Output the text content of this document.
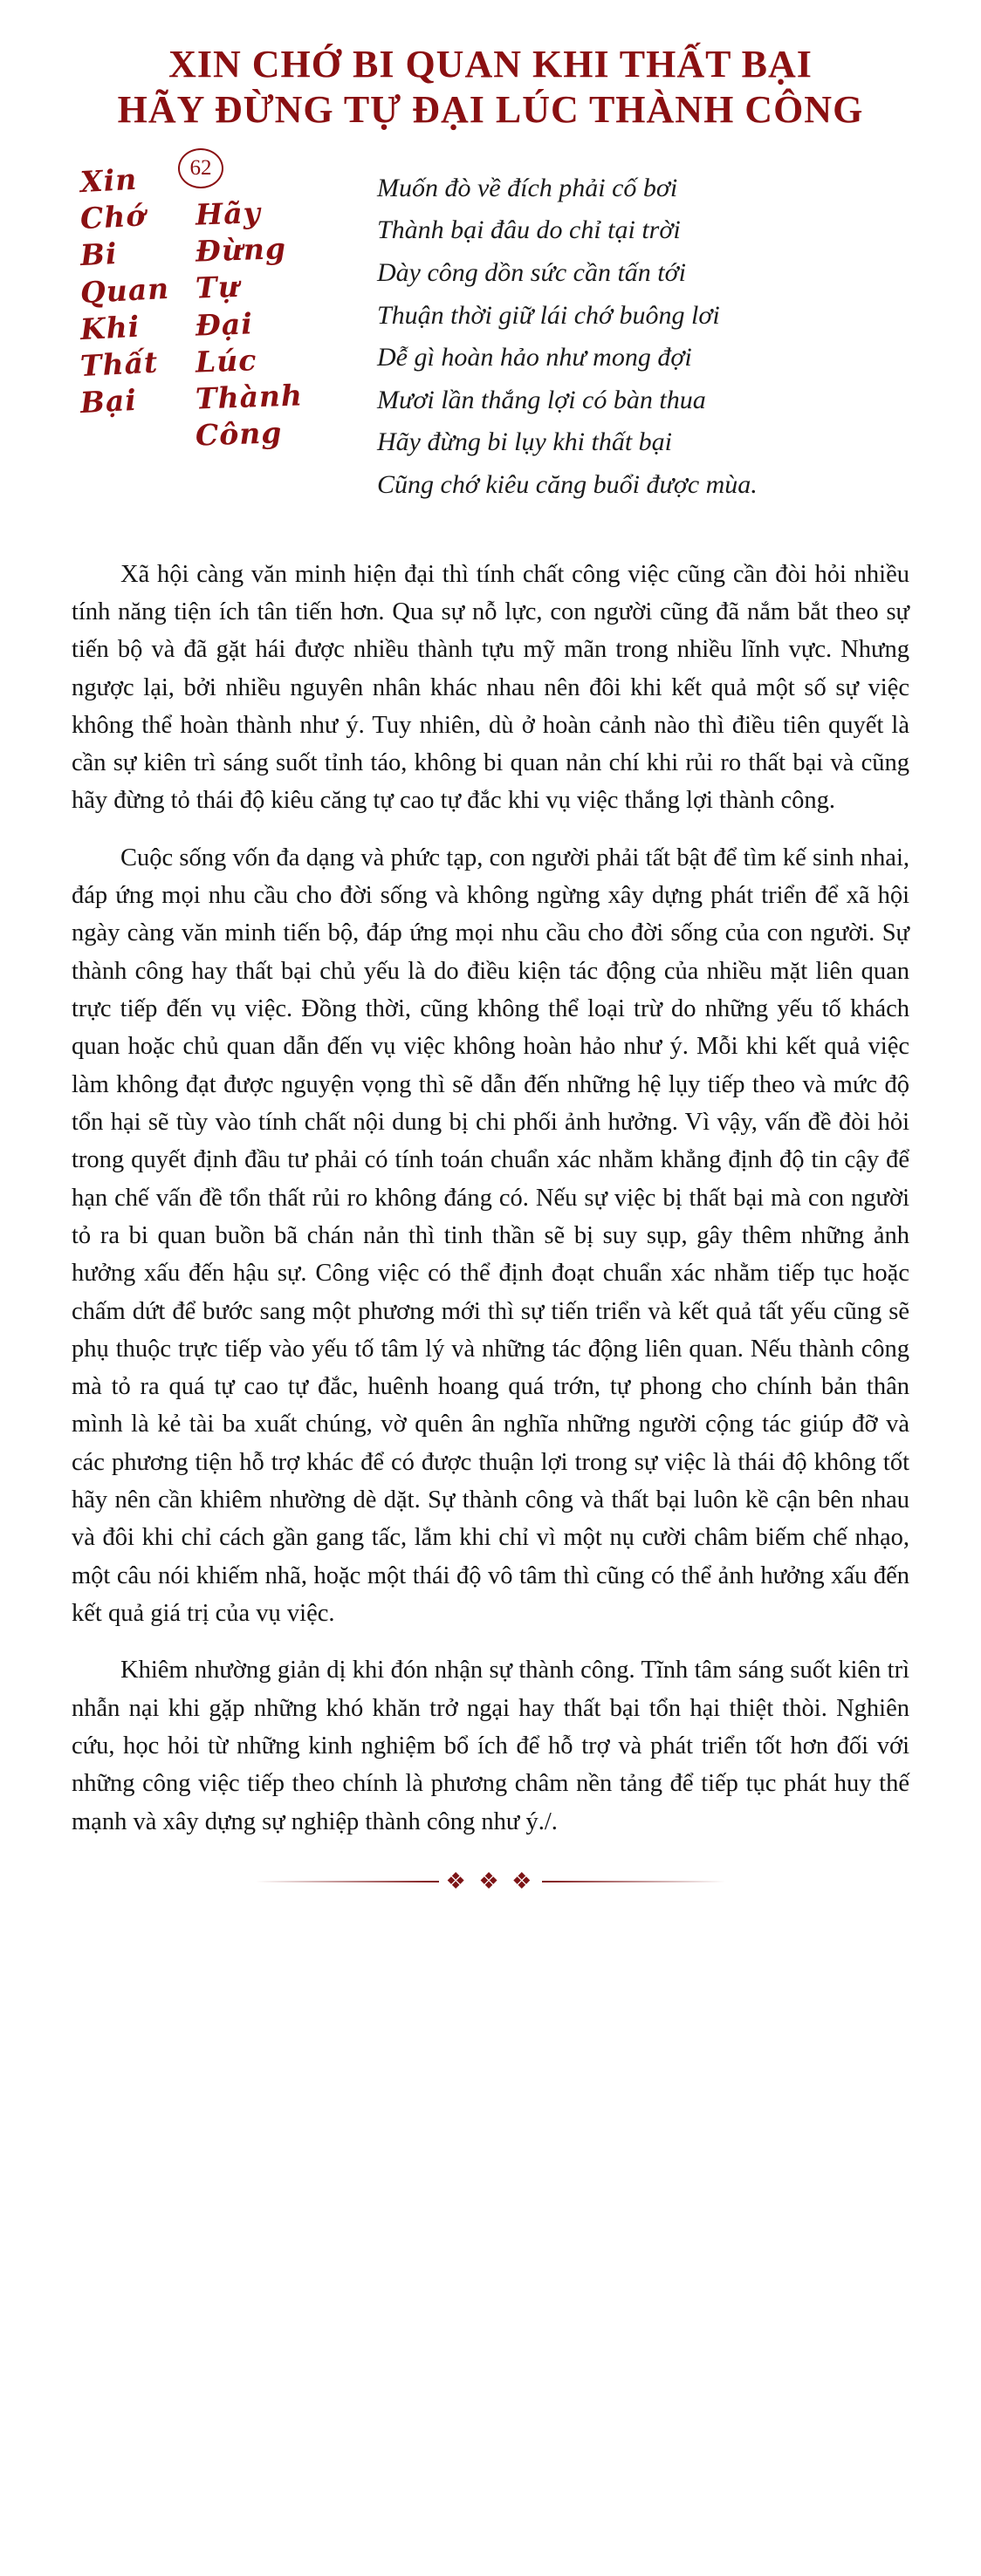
XIN CHỚ BI QUAN KHI THẤT BẠI
HÃY ĐỪNG TỰ ĐẠI LÚC THÀNH CÔNG
62
Xin
Chớ
Bi
Quan
Khi
Thất
Bại
Hãy
Đừng
Tự
Đại
Lúc
Thành
Công
Muốn đò về đích phải cố bơi
Thành bại đâu do chỉ tại trời
Dày công dồn sức cần tấn tới
Thuận thời giữ lái chớ buông lơi
Dễ gì hoàn hảo như mong đợi
Mươi lần thắng lợi có bàn thua
Hãy đừng bi lụy khi thất bại
Cũng chớ kiêu căng buổi được mùa.

Xã hội càng văn minh hiện đại thì tính chất công việc cũng cần đòi hỏi nhiều tính năng tiện ích tân tiến hơn. Qua sự nỗ lực, con người cũng đã nắm bắt theo sự tiến bộ và đã gặt hái được nhiều thành tựu mỹ mãn trong nhiều lĩnh vực. Nhưng ngược lại, bởi nhiều nguyên nhân khác nhau nên đôi khi kết quả một số sự việc không thể hoàn thành như ý. Tuy nhiên, dù ở hoàn cảnh nào thì điều tiên quyết là cần sự kiên trì sáng suốt tỉnh táo, không bi quan nản chí khi rủi ro thất bại và cũng hãy đừng tỏ thái độ kiêu căng tự cao tự đắc khi vụ việc thắng lợi thành công.

Cuộc sống vốn đa dạng và phức tạp, con người phải tất bật để tìm kế sinh nhai, đáp ứng mọi nhu cầu cho đời sống và không ngừng xây dựng phát triển để xã hội ngày càng văn minh tiến bộ, đáp ứng mọi nhu cầu cho đời sống của con người. Sự thành công hay thất bại chủ yếu là do điều kiện tác động của nhiều mặt liên quan trực tiếp đến vụ việc. Đồng thời, cũng không thể loại trừ do những yếu tố khách quan hoặc chủ quan dẫn đến vụ việc không hoàn hảo như ý. Mỗi khi kết quả việc làm không đạt được nguyện vọng thì sẽ dẫn đến những hệ lụy tiếp theo và mức độ tổn hại sẽ tùy vào tính chất nội dung bị chi phối ảnh hưởng. Vì vậy, vấn đề đòi hỏi trong quyết định đầu tư phải có tính toán chuẩn xác nhằm khẳng định độ tin cậy để hạn chế vấn đề tổn thất rủi ro không đáng có. Nếu sự việc bị thất bại mà con người tỏ ra bi quan buồn bã chán nản thì tinh thần sẽ bị suy sụp, gây thêm những ảnh hưởng xấu đến hậu sự. Công việc có thể định đoạt chuẩn xác nhằm tiếp tục hoặc chấm dứt để bước sang một phương mới thì sự tiến triển và kết quả tất yếu cũng sẽ phụ thuộc trực tiếp vào yếu tố tâm lý và những tác động liên quan. Nếu thành công mà tỏ ra quá tự cao tự đắc, huênh hoang quá trớn, tự phong cho chính bản thân mình là kẻ tài ba xuất chúng, vờ quên ân nghĩa những người cộng tác giúp đỡ và các phương tiện hỗ trợ khác để có được thuận lợi trong sự việc là thái độ không tốt hãy nên cần khiêm nhường dè dặt. Sự thành công và thất bại luôn kề cận bên nhau và đôi khi chỉ cách gần gang tấc, lắm khi chỉ vì một nụ cười châm biếm chế nhạo, một câu nói khiếm nhã, hoặc một thái độ vô tâm thì cũng có thể ảnh hưởng xấu đến kết quả giá trị của vụ việc.

Khiêm nhường giản dị khi đón nhận sự thành công. Tĩnh tâm sáng suốt kiên trì nhẫn nại khi gặp những khó khăn trở ngại hay thất bại tổn hại thiệt thòi. Nghiên cứu, học hỏi từ những kinh nghiệm bổ ích để hỗ trợ và phát triển tốt hơn đối với những công việc tiếp theo chính là phương châm nền tảng để tiếp tục phát huy thế mạnh và xây dựng sự nghiệp thành công như ý./.

❖ ❖ ❖
